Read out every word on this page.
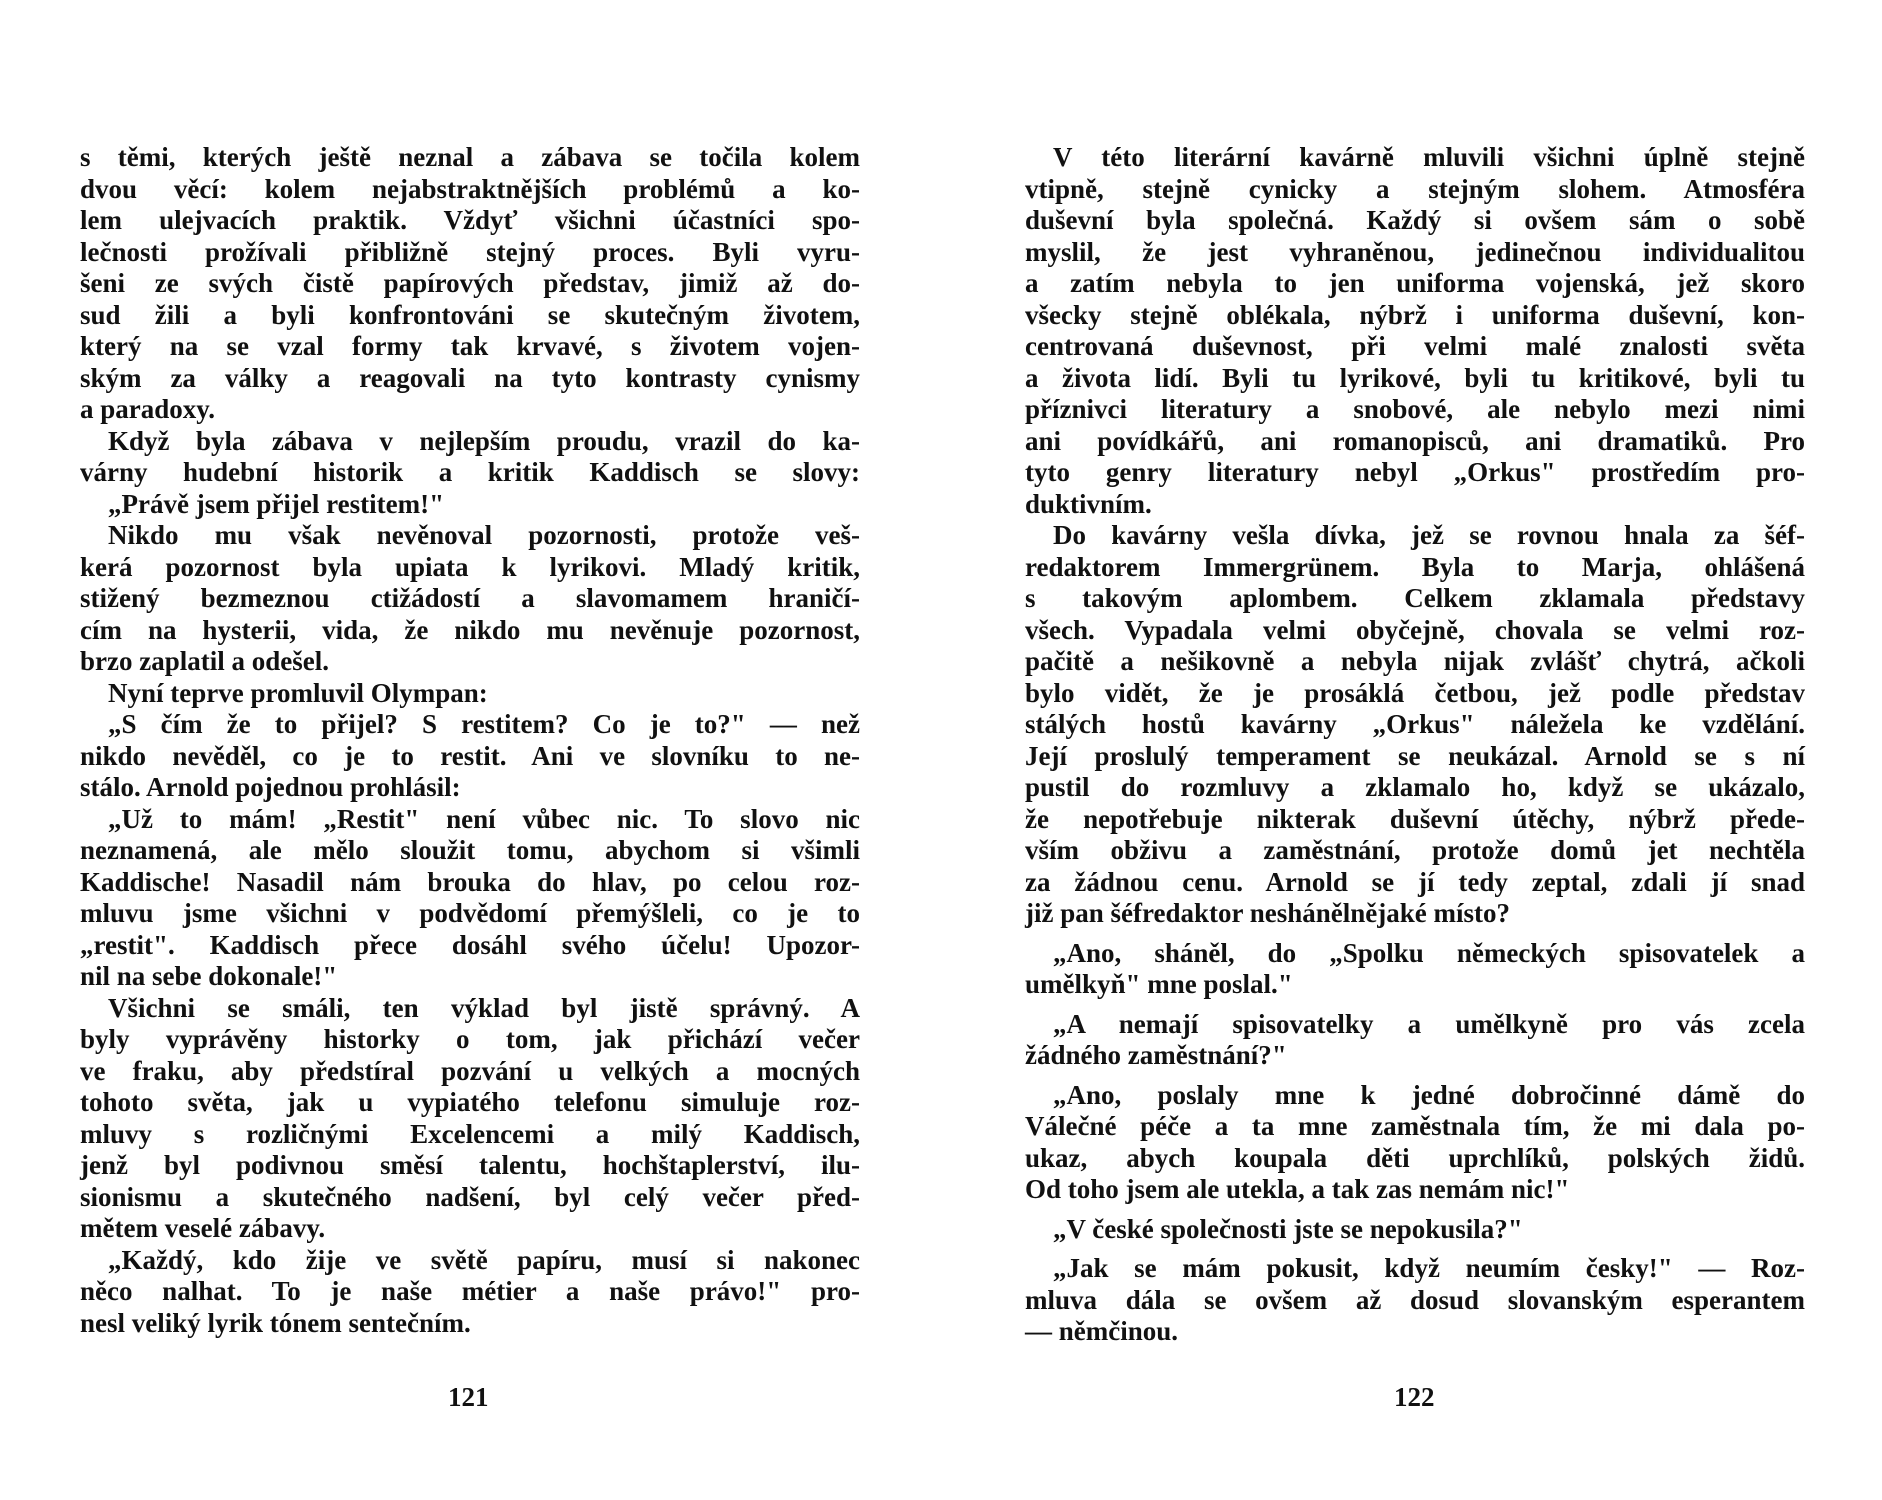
s těmi, kterých ještě neznal a zábava se točila kolem
dvou věcí: kolem nejabstraktnějších problémů a ko-
lem ulejvacích praktik. Vždyť všichni účastníci spo-
lečnosti prožívali přibližně stejný proces. Byli vyru-
šeni ze svých čistě papírových představ, jimiž až do-
sud žili a byli konfrontováni se skutečným životem,
který na se vzal formy tak krvavé, s životem vojen-
ským za války a reagovali na tyto kontrasty cynismy
a paradoxy.
Když byla zábava v nejlepším proudu, vrazil do ka-
várny hudební historik a kritik Kaddisch se slovy:
„Právě jsem přijel restitem!"
Nikdo mu však nevěnoval pozornosti, protože veš-
kerá pozornost byla upiata k lyrikovi. Mladý kritik,
stižený bezmeznou ctižádostí a slavomamem hraničí-
cím na hysterii, vida, že nikdo mu nevěnuje pozornost,
brzo zaplatil a odešel.
Nyní teprve promluvil Olympan:
„S čím že to přijel? S restitem? Co je to?" — než
nikdo nevěděl, co je to restit. Ani ve slovníku to ne-
stálo. Arnold pojednou prohlásil:
„Už to mám! „Restit" není vůbec nic. To slovo nic
neznamená, ale mělo sloužit tomu, abychom si všimli
Kaddische! Nasadil nám brouka do hlav, po celou roz-
mluvu jsme všichni v podvědomí přemýšleli, co je to
„restit". Kaddisch přece dosáhl svého účelu! Upozor-
nil na sebe dokonale!"
Všichni se smáli, ten výklad byl jistě správný. A
byly vyprávěny historky o tom, jak přichází večer
ve fraku, aby předstíral pozvání u velkých a mocných
tohoto světa, jak u vypiatého telefonu simuluje roz-
mluvy s rozličnými Excelencemi a milý Kaddisch,
jenž byl podivnou směsí talentu, hochštaplerství, ilu-
sionismu a skutečného nadšení, byl celý večer před-
mětem veselé zábavy.
„Každý, kdo žije ve světě papíru, musí si nakonec
něco nalhat. To je naše métier a naše právo!" pro-
nesl veliký lyrik tónem sentečním.
121
V této literární kavárně mluvili všichni úplně stejně
vtipně, stejně cynicky a stejným slohem. Atmosféra
duševní byla společná. Každý si ovšem sám o sobě
myslil, že jest vyhraněnou, jedinečnou individualitou
a zatím nebyla to jen uniforma vojenská, jež skoro
všecky stejně oblékala, nýbrž i uniforma duševní, kon-
centrovaná duševnost, při velmi malé znalosti světa
a života lidí. Byli tu lyrikové, byli tu kritikové, byli tu
příznivci literatury a snobové, ale nebylo mezi nimi
ani povídkářů, ani romanopisců, ani dramatiků. Pro
tyto genry literatury nebyl „Orkus" prostředím pro-
duktivním.
Do kavárny vešla dívka, jež se rovnou hnala za šéf-
redaktorem Immergrünem. Byla to Marja, ohlášená
s takovým aplombem. Celkem zklamala představy
všech. Vypadala velmi obyčejně, chovala se velmi roz-
pačitě a nešikovně a nebyla nijak zvlášť chytrá, ačkoli
bylo vidět, že je prosáklá četbou, jež podle představ
stálých hostů kavárny „Orkus" náležela ke vzdělání.
Její proslulý temperament se neukázal. Arnold se s ní
pustil do rozmluvy a zklamalo ho, když se ukázalo,
že nepotřebuje nikterak duševní útěchy, nýbrž přede-
vším obživu a zaměstnání, protože domů jet nechtěla
za žádnou cenu. Arnold se jí tedy zeptal, zdali jí snad
již pan šéfredaktor neshánělnějaké místo?
„Ano, sháněl, do „Spolku německých spisovatelek a
umělkyň" mne poslal."
„A nemají spisovatelky a umělkyně pro vás zcela
žádného zaměstnání?"
„Ano, poslaly mne k jedné dobročinné dámě do
Válečné péče a ta mne zaměstnala tím, že mi dala po-
ukaz, abych koupala děti uprchlíků, polských židů.
Od toho jsem ale utekla, a tak zas nemám nic!"
„V české společnosti jste se nepokusila?"
„Jak se mám pokusit, když neumím česky!" — Roz-
mluva dála se ovšem až dosud slovanským esperantem
— němčinou.
122
